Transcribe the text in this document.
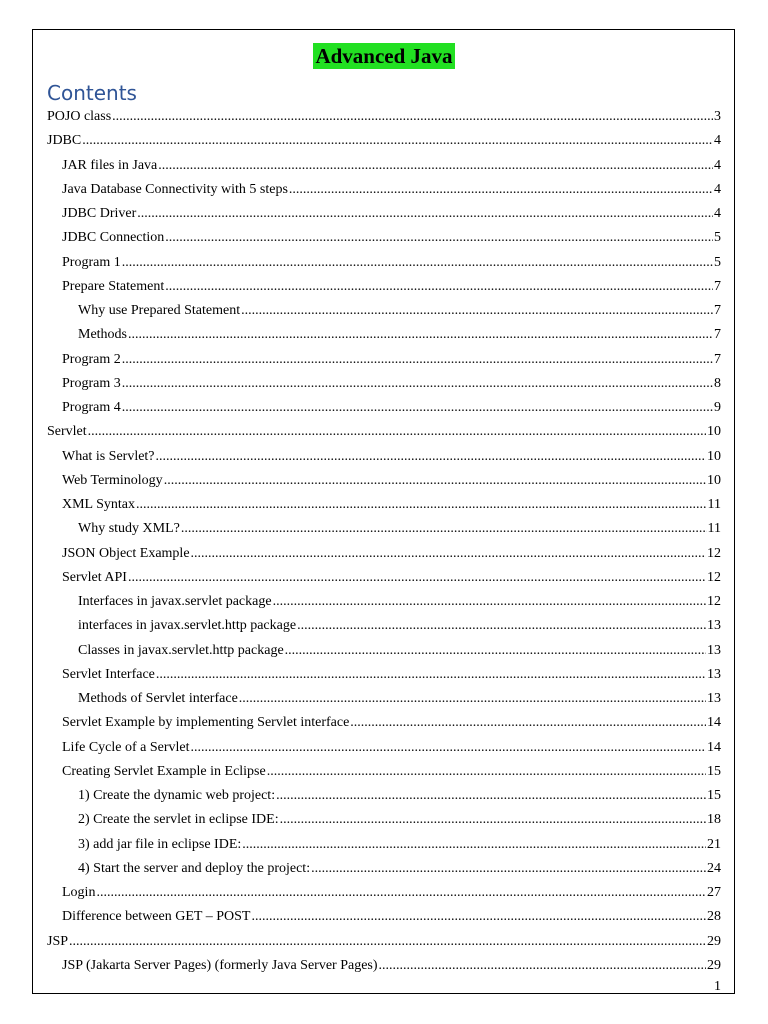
Advanced Java
Contents
POJO class .....	3
JDBC .....	4
JAR files in Java .....	4
Java Database Connectivity with 5 steps .....	4
JDBC Driver .....	4
JDBC Connection .....	5
Program 1 .....	5
Prepare Statement .....	7
Why use Prepared Statement .....	7
Methods .....	7
Program 2 .....	7
Program 3 .....	8
Program 4 .....	9
Servlet .....	10
What is Servlet? .....	10
Web Terminology .....	10
XML Syntax .....	11
Why study XML? .....	11
JSON Object Example .....	12
Servlet API .....	12
Interfaces in javax.servlet package .....	12
interfaces in javax.servlet.http package .....	13
Classes in javax.servlet.http package .....	13
Servlet Interface .....	13
Methods of Servlet interface .....	13
Servlet Example by implementing Servlet interface .....	14
Life Cycle of a Servlet .....	14
Creating Servlet Example in Eclipse .....	15
1) Create the dynamic web project: .....	15
2) Create the servlet in eclipse IDE: .....	18
3) add jar file in eclipse IDE: .....	21
4) Start the server and deploy the project: .....	24
Login .....	27
Difference between GET – POST .....	28
JSP .....	29
JSP (Jakarta Server Pages) (formerly Java Server Pages) .....	29
1
